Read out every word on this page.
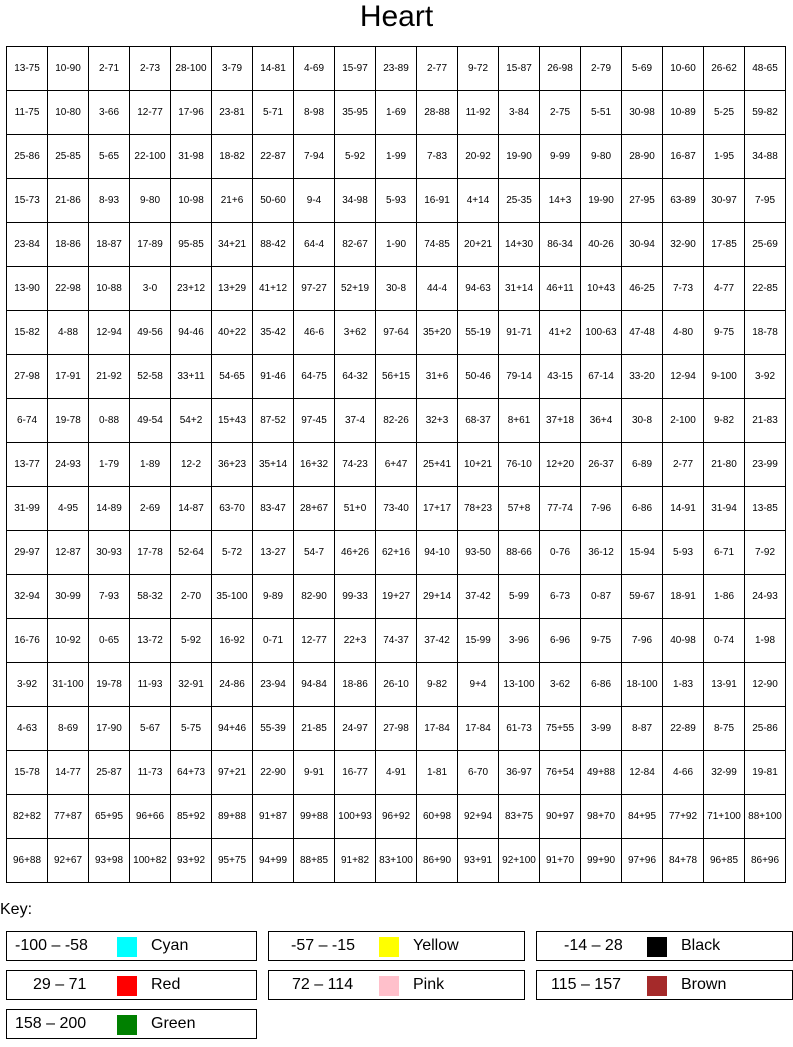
Heart
13-75	10-90	2-71	2-73	28-100	3-79	14-81	4-69	15-97	23-89	2-77	9-72	15-87	26-98	2-79	5-69	10-60	26-62	48-65
11-75	10-80	3-66	12-77	17-96	23-81	5-71	8-98	35-95	1-69	28-88	11-92	3-84	2-75	5-51	30-98	10-89	5-25	59-82
25-86	25-85	5-65	22-100	31-98	18-82	22-87	7-94	5-92	1-99	7-83	20-92	19-90	9-99	9-80	28-90	16-87	1-95	34-88
15-73	21-86	8-93	9-80	10-98	21+6	50-60	9-4	34-98	5-93	16-91	4+14	25-35	14+3	19-90	27-95	63-89	30-97	7-95
23-84	18-86	18-87	17-89	95-85	34+21	88-42	64-4	82-67	1-90	74-85	20+21	14+30	86-34	40-26	30-94	32-90	17-85	25-69
13-90	22-98	10-88	3-0	23+12	13+29	41+12	97-27	52+19	30-8	44-4	94-63	31+14	46+11	10+43	46-25	7-73	4-77	22-85
15-82	4-88	12-94	49-56	94-46	40+22	35-42	46-6	3+62	97-64	35+20	55-19	91-71	41+2	100-63	47-48	4-80	9-75	18-78
27-98	17-91	21-92	52-58	33+11	54-65	91-46	64-75	64-32	56+15	31+6	50-46	79-14	43-15	67-14	33-20	12-94	9-100	3-92
6-74	19-78	0-88	49-54	54+2	15+43	87-52	97-45	37-4	82-26	32+3	68-37	8+61	37+18	36+4	30-8	2-100	9-82	21-83
13-77	24-93	1-79	1-89	12-2	36+23	35+14	16+32	74-23	6+47	25+41	10+21	76-10	12+20	26-37	6-89	2-77	21-80	23-99
31-99	4-95	14-89	2-69	14-87	63-70	83-47	28+67	51+0	73-40	17+17	78+23	57+8	77-74	7-96	6-86	14-91	31-94	13-85
29-97	12-87	30-93	17-78	52-64	5-72	13-27	54-7	46+26	62+16	94-10	93-50	88-66	0-76	36-12	15-94	5-93	6-71	7-92
32-94	30-99	7-93	58-32	2-70	35-100	9-89	82-90	99-33	19+27	29+14	37-42	5-99	6-73	0-87	59-67	18-91	1-86	24-93
16-76	10-92	0-65	13-72	5-92	16-92	0-71	12-77	22+3	74-37	37-42	15-99	3-96	6-96	9-75	7-96	40-98	0-74	1-98
3-92	31-100	19-78	11-93	32-91	24-86	23-94	94-84	18-86	26-10	9-82	9+4	13-100	3-62	6-86	18-100	1-83	13-91	12-90
4-63	8-69	17-90	5-67	5-75	94+46	55-39	21-85	24-97	27-98	17-84	17-84	61-73	75+55	3-99	8-87	22-89	8-75	25-86
15-78	14-77	25-87	11-73	64+73	97+21	22-90	9-91	16-77	4-91	1-81	6-70	36-97	76+54	49+88	12-84	4-66	32-99	19-81
82+82	77+87	65+95	96+66	85+92	89+88	91+87	99+88	100+93	96+92	60+98	92+94	83+75	90+97	98+70	84+95	77+92	71+100	88+100
96+88	92+67	93+98	100+82	93+92	95+75	94+99	88+85	91+82	83+100	86+90	93+91	92+100	91+70	99+90	97+96	84+78	96+85	86+96
Key:
-100 – -58	Cyan	-57 – -15	Yellow	-14 – 28	Black
29 – 71	Red	72 – 114	Pink	115 – 157	Brown
158 – 200	Green
